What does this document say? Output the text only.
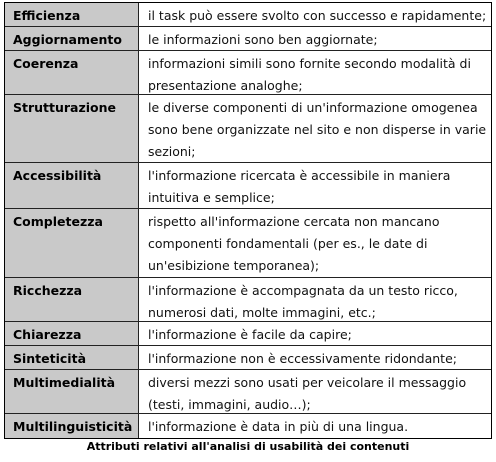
Efficienza	il task può essere svolto con successo e rapidamente;
Aggiornamento	le informazioni sono ben aggiornate;
Coerenza	informazioni simili sono fornite secondo modalità di presentazione analoghe;
Strutturazione	le diverse componenti di un'informazione omogenea sono bene organizzate nel sito e non disperse in varie sezioni;
Accessibilità	l'informazione ricercata è accessibile in maniera intuitiva e semplice;
Completezza	rispetto all'informazione cercata non mancano componenti fondamentali (per es., le date di un'esibizione temporanea);
Ricchezza	l'informazione è accompagnata da un testo ricco, numerosi dati, molte immagini, etc.;
Chiarezza	l'informazione è facile da capire;
Sinteticità	l'informazione non è eccessivamente ridondante;
Multimedialità	diversi mezzi sono usati per veicolare il messaggio (testi, immagini, audio…);
Multilinguisticità	l'informazione è data in più di una lingua.
Attributi relativi all'analisi di usabilità dei contenuti
